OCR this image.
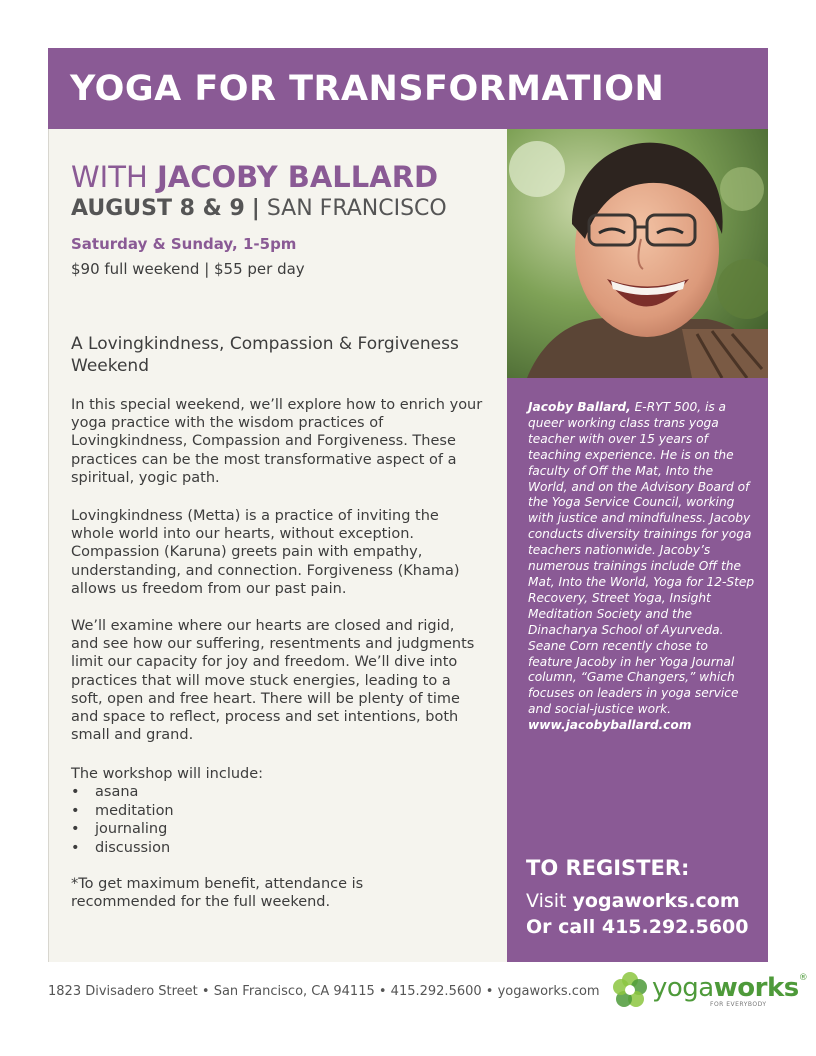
YOGA FOR TRANSFORMATION
WITH JACOBY BALLARD
AUGUST 8 & 9 | SAN FRANCISCO
Saturday & Sunday, 1-5pm
$90 full weekend | $55 per day
A Lovingkindness, Compassion & Forgiveness Weekend

In this special weekend, we’ll explore how to enrich your yoga practice with the wisdom practices of Lovingkindness, Compassion and Forgiveness. These practices can be the most transformative aspect of a spiritual, yogic path.

Lovingkindness (Metta) is a practice of inviting the whole world into our hearts, without exception. Compassion (Karuna) greets pain with empathy, understanding, and connection. Forgiveness (Khama) allows us freedom from our past pain.

We’ll examine where our hearts are closed and rigid, and see how our suffering, resentments and judgments limit our capacity for joy and freedom. We’ll dive into practices that will move stuck energies, leading to a soft, open and free heart. There will be plenty of time and space to reflect, process and set intentions, both small and grand.

The workshop will include:

•	asana
•	meditation
•	journaling
•	discussion

*To get maximum benefit, attendance is recommended for the full weekend.

Jacoby Ballard, E-RYT 500, is a queer working class trans yoga teacher with over 15 years of teaching experience. He is on the faculty of Off the Mat, Into the World, and on the Advisory Board of the Yoga Service Council, working with justice and mindfulness. Jacoby conducts diversity trainings for yoga teachers nationwide. Jacoby’s numerous trainings include Off the Mat, Into the World, Yoga for 12-Step Recovery, Street Yoga, Insight Meditation Society and the Dinacharya School of Ayurveda.
Seane Corn recently chose to feature Jacoby in her Yoga Journal column, “Game Changers,” which focuses on leaders in yoga service and social-justice work.
www.jacobyballard.com
TO REGISTER:
Visit yogaworks.com
Or call 415.292.5600
1823 Divisadero Street • San Francisco, CA 94115 • 415.292.5600 • yogaworks.com yogaworks®
FOR EVERYBODY
